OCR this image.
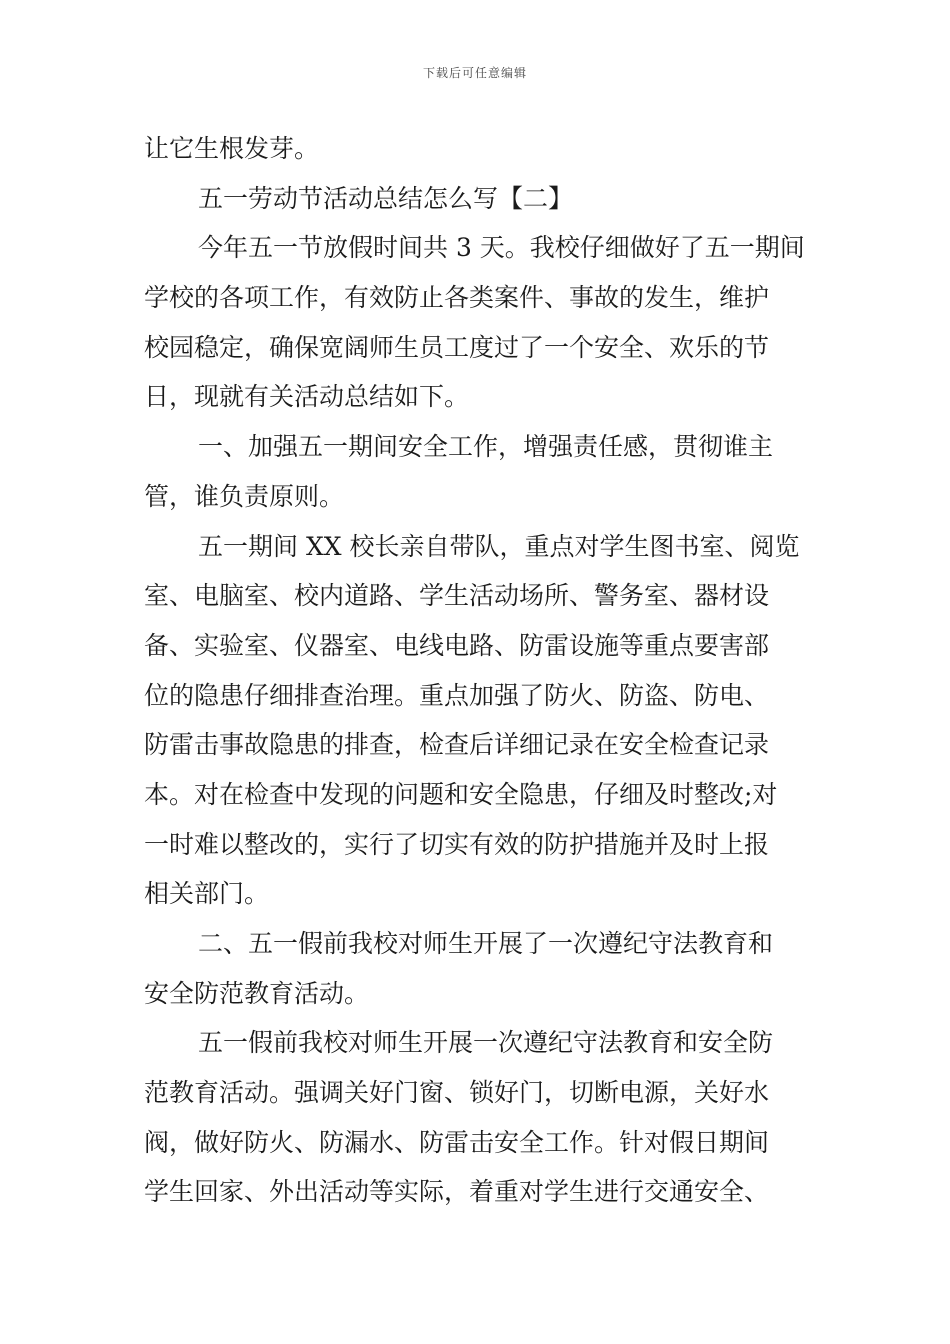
下载后可任意编辑
让它生根发芽。
五一劳动节活动总结怎么写【二】
今年五一节放假时间共 3 天。我校仔细做好了五一期间
学校的各项工作，有效防止各类案件、事故的发生，维护
校园稳定，确保宽阔师生员工度过了一个安全、欢乐的节
日，现就有关活动总结如下。
一、加强五一期间安全工作，增强责任感，贯彻谁主
管，谁负责原则。
五一期间 XX 校长亲自带队，重点对学生图书室、阅览
室、电脑室、校内道路、学生活动场所、警务室、器材设
备、实验室、仪器室、电线电路、防雷设施等重点要害部
位的隐患仔细排查治理。重点加强了防火、防盗、防电、
防雷击事故隐患的排查，检查后详细记录在安全检查记录
本。对在检查中发现的问题和安全隐患，仔细及时整改;对
一时难以整改的，实行了切实有效的防护措施并及时上报
相关部门。
二、五一假前我校对师生开展了一次遵纪守法教育和
安全防范教育活动。
五一假前我校对师生开展一次遵纪守法教育和安全防
范教育活动。强调关好门窗、锁好门，切断电源，关好水
阀，做好防火、防漏水、防雷击安全工作。针对假日期间
学生回家、外出活动等实际，着重对学生进行交通安全、
